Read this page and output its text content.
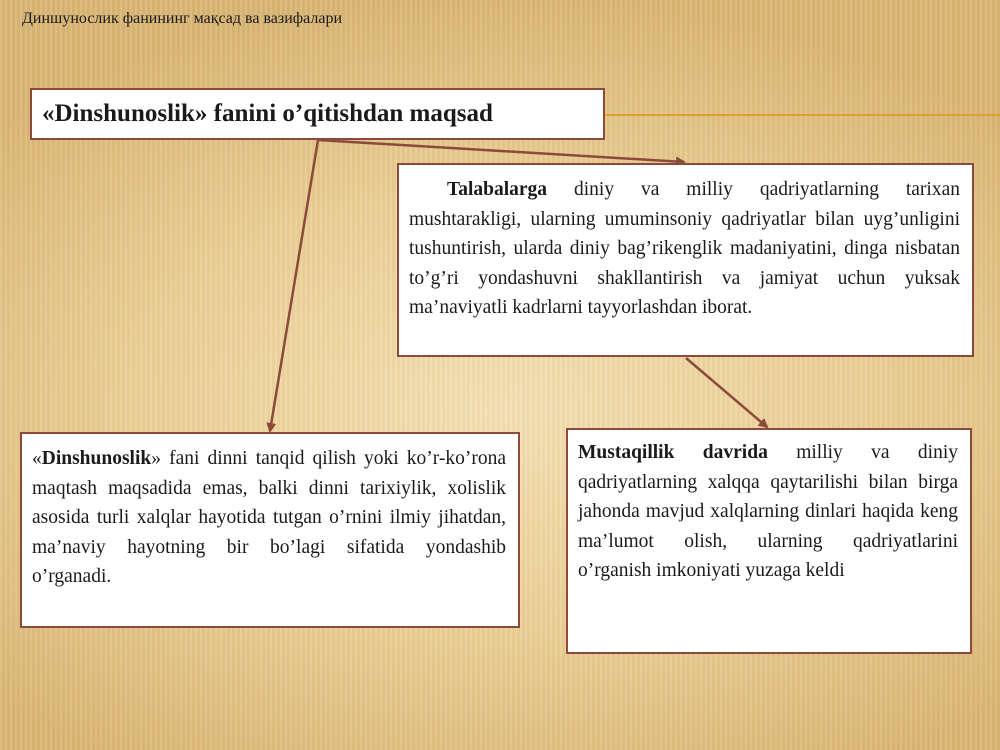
Диншунослик фанининг мақсад ва вазифалари
«Dinshunoslik» fanini o’qitishdan maqsad

Talabalarga diniy va milliy qadriyatlarning tarixan mushtarakligi, ularning umuminsoniy qadriyatlar bilan uyg’unligini tushuntirish, ularda diniy bag’rikenglik madaniyatini, dinga nisbatan to’g’ri yondashuvni shakllantirish va jamiyat uchun yuksak ma’naviyatli kadrlarni tayyorlashdan iborat.

«Dinshunoslik» fani dinni tanqid qilish yoki ko’r-ko’rona maqtash maqsadida emas, balki dinni tarixiylik, xolislik asosida turli xalqlar hayotida tutgan o’rnini ilmiy jihatdan, ma’naviy hayotning bir bo’lagi sifatida yondashib o’rganadi.

Mustaqillik davrida milliy va diniy qadriyatlarning xalqqa qaytarilishi bilan birga jahonda mavjud xalqlarning dinlari haqida keng ma’lumot olish, ularning qadriyatlarini o’rganish imkoniyati yuzaga keldi
